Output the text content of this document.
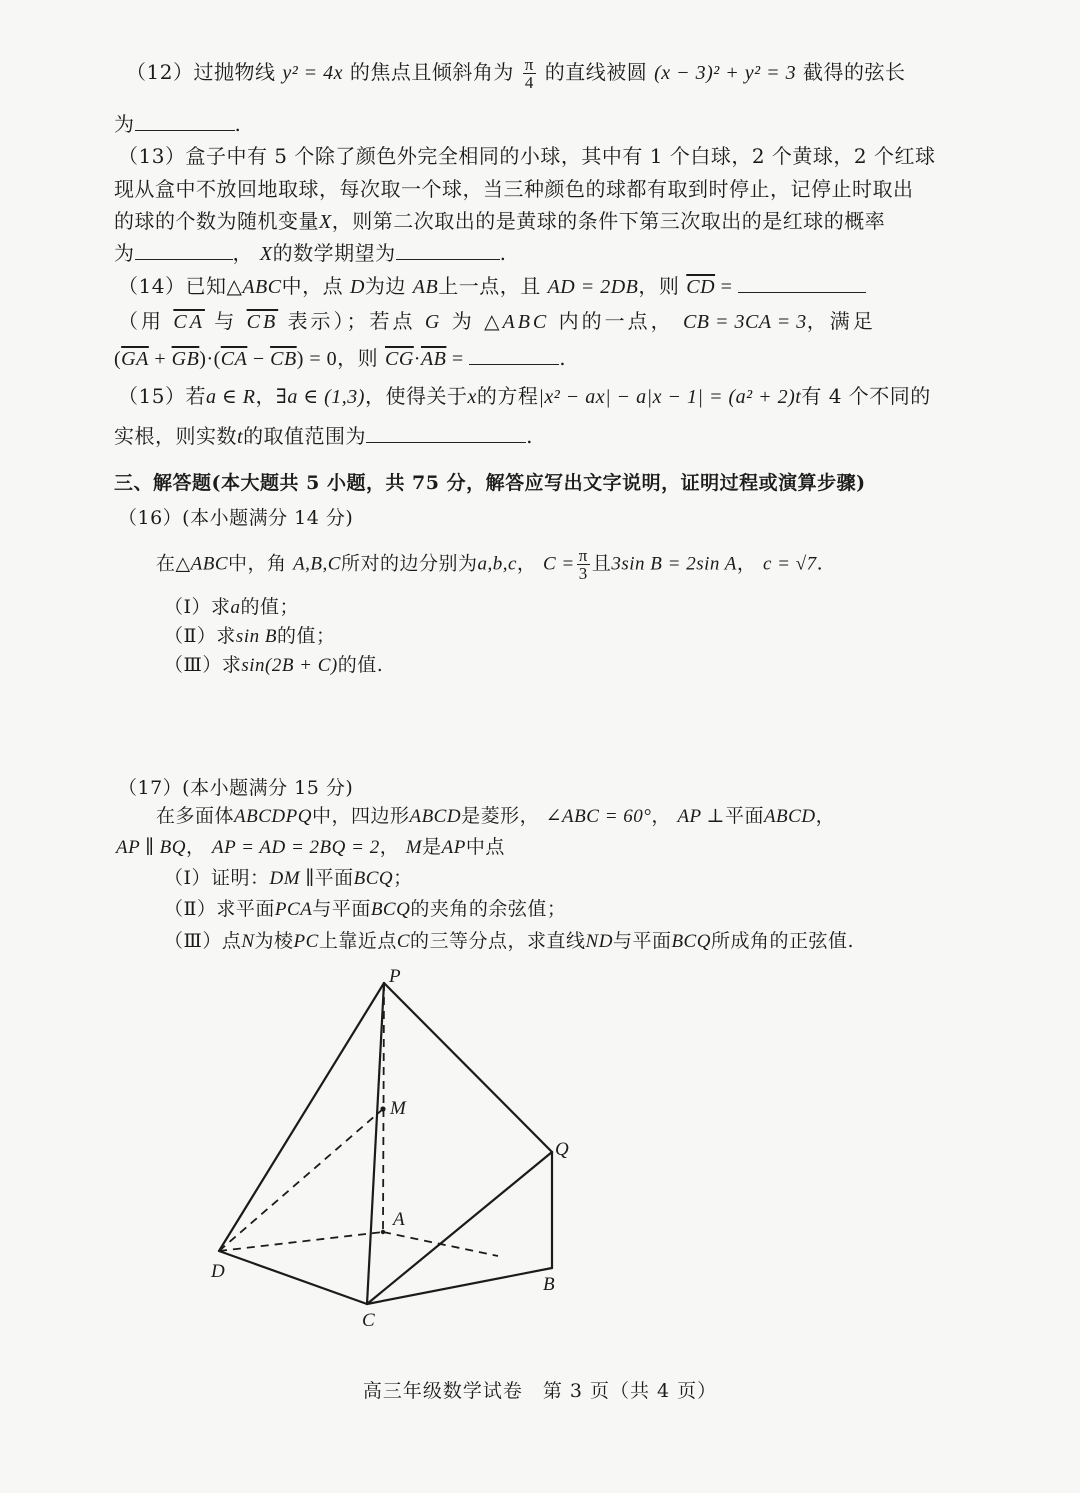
（12）过抛物线 y² = 4x 的焦点且倾斜角为 $\frac{\pi}{4}$ 的直线被圆 (x − 3)² + y² = 3 截得的弦长
为	.
（13）盒子中有 5 个除了颜色外完全相同的小球，其中有 1 个白球，2 个黄球，2 个红球
现从盒中不放回地取球，每次取一个球，当三种颜色的球都有取到时停止，记停止时取出
的球的个数为随机变量X，则第二次取出的是黄球的条件下第三次取出的是红球的概率
为	， X的数学期望为	.
（14）已知△ABC中，点 D为边 AB上一点，且 AD = 2DB，则 $\overline{CD}$ =
（用 $\overline{CA}$ 与 $\overline{CB}$ 表示）；若点 G 为 △ABC 内的一点， CB = 3CA = 3，满足
$(\overline{GA} + \overline{GB})\cdot(\overline{CA} - \overline{CB}) = 0$，则 $\overline{CG}\cdot\overline{AB}$ =	.
（15）若a ∈ R，∃a ∈ (1,3)，使得关于x的方程|x² − ax| − a|x − 1| = (a² + 2)t有 4 个不同的
实根，则实数t的取值范围为	.
三、解答题(本大题共 5 小题，共 75 分，解答应写出文字说明，证明过程或演算步骤)
（16）(本小题满分 14 分)
在△ABC中，角 A,B,C所对的边分别为a,b,c， $C = \frac{\pi}{3}$ 且3sin B = 2sin A， c = √7.
（Ⅰ）求a的值；
（Ⅱ）求sin B的值；
（Ⅲ）求sin(2B + C)的值.
（17）(本小题满分 15 分)
在多面体ABCDPQ中，四边形ABCD是菱形， ∠ABC = 60°， AP ⊥平面ABCD，
AP ∥ BQ， AP = AD = 2BQ = 2， M是AP中点
（Ⅰ）证明：DM ∥平面BCQ；
（Ⅱ）求平面PCA与平面BCQ的夹角的余弦值；
（Ⅲ）点N为棱PC上靠近点C的三等分点，求直线ND与平面BCQ所成角的正弦值.
P
M
Q
A
D
B
C
高三年级数学试卷　第 3 页（共 4 页）
